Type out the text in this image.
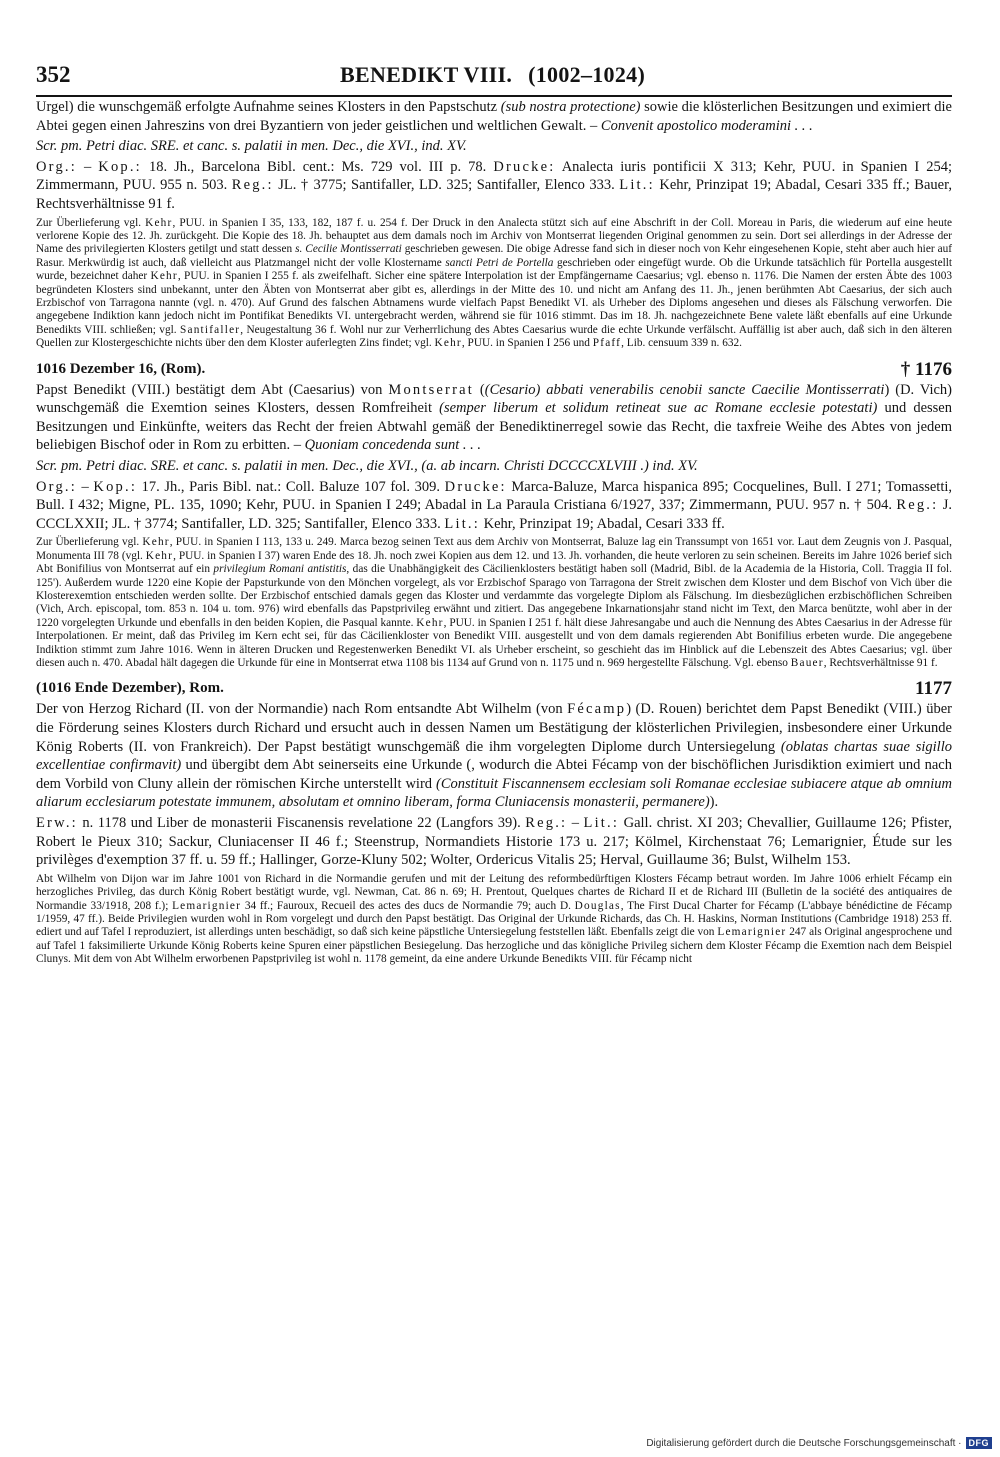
352	BENEDIKT VIII. (1002–1024)

Urgel) die wunschgemäß erfolgte Aufnahme seines Klosters in den Papstschutz (sub nostra protectione) sowie die klösterlichen Besitzungen und eximiert die Abtei gegen einen Jahreszins von drei Byzantiern von jeder geistlichen und weltlichen Gewalt. – Convenit apostolico moderamini . . .

Scr. pm. Petri diac. SRE. et canc. s. palatii in men. Dec., die XVI., ind. XV.

Org.: – Kop.: 18. Jh., Barcelona Bibl. cent.: Ms. 729 vol. III p. 78. Drucke: Analecta iuris pontificii X 313; Kehr, PUU. in Spanien I 254; Zimmermann, PUU. 955 n. 503. Reg.: JL. † 3775; Santifaller, LD. 325; Santifaller, Elenco 333. Lit.: Kehr, Prinzipat 19; Abadal, Cesari 335 ff.; Bauer, Rechtsverhältnisse 91 f.

Zur Überlieferung vgl. Kehr, PUU. in Spanien I 35, 133, 182, 187 f. u. 254 f. Der Druck in den Analecta stützt sich auf eine Abschrift in der Coll. Moreau in Paris, die wiederum auf eine heute verlorene Kopie des 12. Jh. zurückgeht. Die Kopie des 18. Jh. behauptet aus dem damals noch im Archiv von Montserrat liegenden Original genommen zu sein. Dort sei allerdings in der Adresse der Name des privilegierten Klosters getilgt und statt dessen s. Cecilie Montisserrati geschrieben gewesen. Die obige Adresse fand sich in dieser noch von Kehr eingesehenen Kopie, steht aber auch hier auf Rasur. Merkwürdig ist auch, daß vielleicht aus Platzmangel nicht der volle Klostername sancti Petri de Portella geschrieben oder eingefügt wurde. Ob die Urkunde tatsächlich für Portella ausgestellt wurde, bezeichnet daher Kehr, PUU. in Spanien I 255 f. als zweifelhaft. Sicher eine spätere Interpolation ist der Empfängername Caesarius; vgl. ebenso n. 1176. Die Namen der ersten Äbte des 1003 begründeten Klosters sind unbekannt, unter den Äbten von Montserrat aber gibt es, allerdings in der Mitte des 10. und nicht am Anfang des 11. Jh., jenen berühmten Abt Caesarius, der sich auch Erzbischof von Tarragona nannte (vgl. n. 470). Auf Grund des falschen Abtnamens wurde vielfach Papst Benedikt VI. als Urheber des Diploms angesehen und dieses als Fälschung verworfen. Die angegebene Indiktion kann jedoch nicht im Pontifikat Benedikts VI. untergebracht werden, während sie für 1016 stimmt. Das im 18. Jh. nachgezeichnete Bene valete läßt ebenfalls auf eine Urkunde Benedikts VIII. schließen; vgl. Santifaller, Neugestaltung 36 f. Wohl nur zur Verherrlichung des Abtes Caesarius wurde die echte Urkunde verfälscht. Auffällig ist aber auch, daß sich in den älteren Quellen zur Klostergeschichte nichts über den dem Kloster auferlegten Zins findet; vgl. Kehr, PUU. in Spanien I 256 und Pfaff, Lib. censuum 339 n. 632.

1016 Dezember 16, (Rom).	† 1176

Papst Benedikt (VIII.) bestätigt dem Abt (Caesarius) von Montserrat ((Cesario) abbati venerabilis cenobii sancte Caecilie Montisserrati) (D. Vich) wunschgemäß die Exemtion seines Klosters, dessen Romfreiheit (semper liberum et solidum retineat sue ac Romane ecclesie potestati) und dessen Besitzungen und Einkünfte, weiters das Recht der freien Abtwahl gemäß der Benediktinerregel sowie das Recht, die taxfreie Weihe des Abtes von jedem beliebigen Bischof oder in Rom zu erbitten. – Quoniam concedenda sunt . . .

Scr. pm. Petri diac. SRE. et canc. s. palatii in men. Dec., die XVI., (a. ab incarn. Christi DCCCCXLVIII .) ind. XV.

Org.: – Kop.: 17. Jh., Paris Bibl. nat.: Coll. Baluze 107 fol. 309. Drucke: Marca-Baluze, Marca hispanica 895; Cocquelines, Bull. I 271; Tomassetti, Bull. I 432; Migne, PL. 135, 1090; Kehr, PUU. in Spanien I 249; Abadal in La Paraula Cristiana 6/1927, 337; Zimmermann, PUU. 957 n. † 504. Reg.: J. CCCLXXII; JL. † 3774; Santifaller, LD. 325; Santifaller, Elenco 333. Lit.: Kehr, Prinzipat 19; Abadal, Cesari 333 ff.

Zur Überlieferung vgl. Kehr, PUU. in Spanien I 113, 133 u. 249. Marca bezog seinen Text aus dem Archiv von Montserrat, Baluze lag ein Transsumpt von 1651 vor. Laut dem Zeugnis von J. Pasqual, Monumenta III 78 (vgl. Kehr, PUU. in Spanien I 37) waren Ende des 18. Jh. noch zwei Kopien aus dem 12. und 13. Jh. vorhanden, die heute verloren zu sein scheinen. Bereits im Jahre 1026 berief sich Abt Bonifilius von Montserrat auf ein privilegium Romani antistitis, das die Unabhängigkeit des Cäcilienklosters bestätigt haben soll (Madrid, Bibl. de la Academia de la Historia, Coll. Traggia II fol. 125'). Außerdem wurde 1220 eine Kopie der Papsturkunde von den Mönchen vorgelegt, als vor Erzbischof Sparago von Tarragona der Streit zwischen dem Kloster und dem Bischof von Vich über die Klosterexemtion entschieden werden sollte. Der Erzbischof entschied damals gegen das Kloster und verdammte das vorgelegte Diplom als Fälschung. Im diesbezüglichen erzbischöflichen Schreiben (Vich, Arch. episcopal, tom. 853 n. 104 u. tom. 976) wird ebenfalls das Papstprivileg erwähnt und zitiert. Das angegebene Inkarnationsjahr stand nicht im Text, den Marca benützte, wohl aber in der 1220 vorgelegten Urkunde und ebenfalls in den beiden Kopien, die Pasqual kannte. Kehr, PUU. in Spanien I 251 f. hält diese Jahresangabe und auch die Nennung des Abtes Caesarius in der Adresse für Interpolationen. Er meint, daß das Privileg im Kern echt sei, für das Cäcilienkloster von Benedikt VIII. ausgestellt und von dem damals regierenden Abt Bonifilius erbeten wurde. Die angegebene Indiktion stimmt zum Jahre 1016. Wenn in älteren Drucken und Regestenwerken Benedikt VI. als Urheber erscheint, so geschieht das im Hinblick auf die Lebenszeit des Abtes Caesarius; vgl. über diesen auch n. 470. Abadal hält dagegen die Urkunde für eine in Montserrat etwa 1108 bis 1134 auf Grund von n. 1175 und n. 969 hergestellte Fälschung. Vgl. ebenso Bauer, Rechtsverhältnisse 91 f.

(1016 Ende Dezember), Rom.	1177

Der von Herzog Richard (II. von der Normandie) nach Rom entsandte Abt Wilhelm (von Fécamp) (D. Rouen) berichtet dem Papst Benedikt (VIII.) über die Förderung seines Klosters durch Richard und ersucht auch in dessen Namen um Bestätigung der klösterlichen Privilegien, insbesondere einer Urkunde König Roberts (II. von Frankreich). Der Papst bestätigt wunschgemäß die ihm vorgelegten Diplome durch Untersiegelung (oblatas chartas suae sigillo excellentiae confirmavit) und übergibt dem Abt seinerseits eine Urkunde (, wodurch die Abtei Fécamp von der bischöflichen Jurisdiktion eximiert und nach dem Vorbild von Cluny allein der römischen Kirche unterstellt wird (Constituit Fiscannensem ecclesiam soli Romanae ecclesiae subiacere atque ab omnium aliarum ecclesiarum potestate immunem, absolutam et omnino liberam, forma Cluniacensis monasterii, permanere)).

Erw.: n. 1178 und Liber de monasterii Fiscanensis revelatione 22 (Langfors 39). Reg.: – Lit.: Gall. christ. XI 203; Chevallier, Guillaume 126; Pfister, Robert le Pieux 310; Sackur, Cluniacenser II 46 f.; Steenstrup, Normandiets Historie 173 u. 217; Kölmel, Kirchenstaat 76; Lemarignier, Étude sur les privilèges d'exemption 37 ff. u. 59 ff.; Hallinger, Gorze-Kluny 502; Wolter, Ordericus Vitalis 25; Herval, Guillaume 36; Bulst, Wilhelm 153.

Abt Wilhelm von Dijon war im Jahre 1001 von Richard in die Normandie gerufen und mit der Leitung des reformbedürftigen Klosters Fécamp betraut worden. Im Jahre 1006 erhielt Fécamp ein herzogliches Privileg, das durch König Robert bestätigt wurde, vgl. Newman, Cat. 86 n. 69; H. Prentout, Quelques chartes de Richard II et de Richard III (Bulletin de la société des antiquaires de Normandie 33/1918, 208 f.); Lemarignier 34 ff.; Fauroux, Recueil des actes des ducs de Normandie 79; auch D. Douglas, The First Ducal Charter for Fécamp (L'abbaye bénédictine de Fécamp 1/1959, 47 ff.). Beide Privilegien wurden wohl in Rom vorgelegt und durch den Papst bestätigt. Das Original der Urkunde Richards, das Ch. H. Haskins, Norman Institutions (Cambridge 1918) 253 ff. ediert und auf Tafel I reproduziert, ist allerdings unten beschädigt, so daß sich keine päpstliche Untersiegelung feststellen läßt. Ebenfalls zeigt die von Lemarignier 247 als Original angesprochene und auf Tafel 1 faksimilierte Urkunde König Roberts keine Spuren einer päpstlichen Besiegelung. Das herzogliche und das königliche Privileg sichern dem Kloster Fécamp die Exemtion nach dem Beispiel Clunys. Mit dem von Abt Wilhelm erworbenen Papstprivileg ist wohl n. 1178 gemeint, da eine andere Urkunde Benedikts VIII. für Fécamp nicht

Digitalisierung gefördert durch die Deutsche Forschungsgemeinschaft · DFG
